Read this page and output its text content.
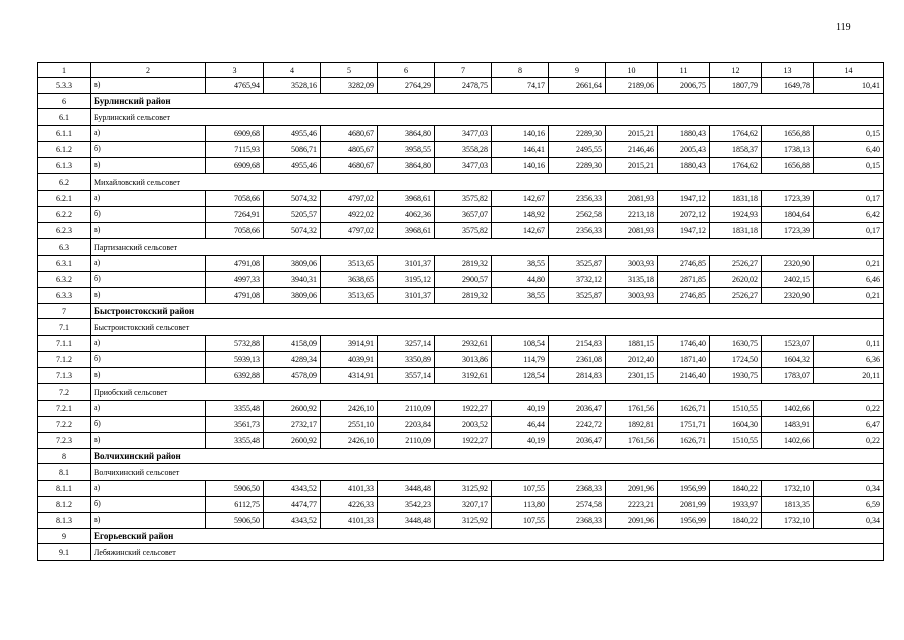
119
1	2	3	4	5	6	7	8	9	10	11	12	13	14
5.3.3	в)	4765,94	3528,16	3282,09	2764,29	2478,75	74,17	2661,64	2189,06	2006,75	1807,79	1649,78	10,41
6	Бурлинский район												
6.1	Бурлинский сельсовет												
6.1.1	а)	6909,68	4955,46	4680,67	3864,80	3477,03	140,16	2289,30	2015,21	1880,43	1764,62	1656,88	0,15
6.1.2	б)	7115,93	5086,71	4805,67	3958,55	3558,28	146,41	2495,55	2146,46	2005,43	1858,37	1738,13	6,40
6.1.3	в)	6909,68	4955,46	4680,67	3864,80	3477,03	140,16	2289,30	2015,21	1880,43	1764,62	1656,88	0,15
6.2	Михайловский сельсовет												
6.2.1	а)	7058,66	5074,32	4797,02	3968,61	3575,82	142,67	2356,33	2081,93	1947,12	1831,18	1723,39	0,17
6.2.2	б)	7264,91	5205,57	4922,02	4062,36	3657,07	148,92	2562,58	2213,18	2072,12	1924,93	1804,64	6,42
6.2.3	в)	7058,66	5074,32	4797,02	3968,61	3575,82	142,67	2356,33	2081,93	1947,12	1831,18	1723,39	0,17
6.3	Партизанский сельсовет												
6.3.1	а)	4791,08	3809,06	3513,65	3101,37	2819,32	38,55	3525,87	3003,93	2746,85	2526,27	2320,90	0,21
6.3.2	б)	4997,33	3940,31	3638,65	3195,12	2900,57	44,80	3732,12	3135,18	2871,85	2620,02	2402,15	6,46
6.3.3	в)	4791,08	3809,06	3513,65	3101,37	2819,32	38,55	3525,87	3003,93	2746,85	2526,27	2320,90	0,21
7	Быстроистокский район												
7.1	Быстроистокский сельсовет												
7.1.1	а)	5732,88	4158,09	3914,91	3257,14	2932,61	108,54	2154,83	1881,15	1746,40	1630,75	1523,07	0,11
7.1.2	б)	5939,13	4289,34	4039,91	3350,89	3013,86	114,79	2361,08	2012,40	1871,40	1724,50	1604,32	6,36
7.1.3	в)	6392,88	4578,09	4314,91	3557,14	3192,61	128,54	2814,83	2301,15	2146,40	1930,75	1783,07	20,11
7.2	Приобский сельсовет												
7.2.1	а)	3355,48	2600,92	2426,10	2110,09	1922,27	40,19	2036,47	1761,56	1626,71	1510,55	1402,66	0,22
7.2.2	б)	3561,73	2732,17	2551,10	2203,84	2003,52	46,44	2242,72	1892,81	1751,71	1604,30	1483,91	6,47
7.2.3	в)	3355,48	2600,92	2426,10	2110,09	1922,27	40,19	2036,47	1761,56	1626,71	1510,55	1402,66	0,22
8	Волчихинский район												
8.1	Волчихинский сельсовет												
8.1.1	а)	5906,50	4343,52	4101,33	3448,48	3125,92	107,55	2368,33	2091,96	1956,99	1840,22	1732,10	0,34
8.1.2	б)	6112,75	4474,77	4226,33	3542,23	3207,17	113,80	2574,58	2223,21	2081,99	1933,97	1813,35	6,59
8.1.3	в)	5906,50	4343,52	4101,33	3448,48	3125,92	107,55	2368,33	2091,96	1956,99	1840,22	1732,10	0,34
9	Егорьевский район												
9.1	Лебяжинский сельсовет												
